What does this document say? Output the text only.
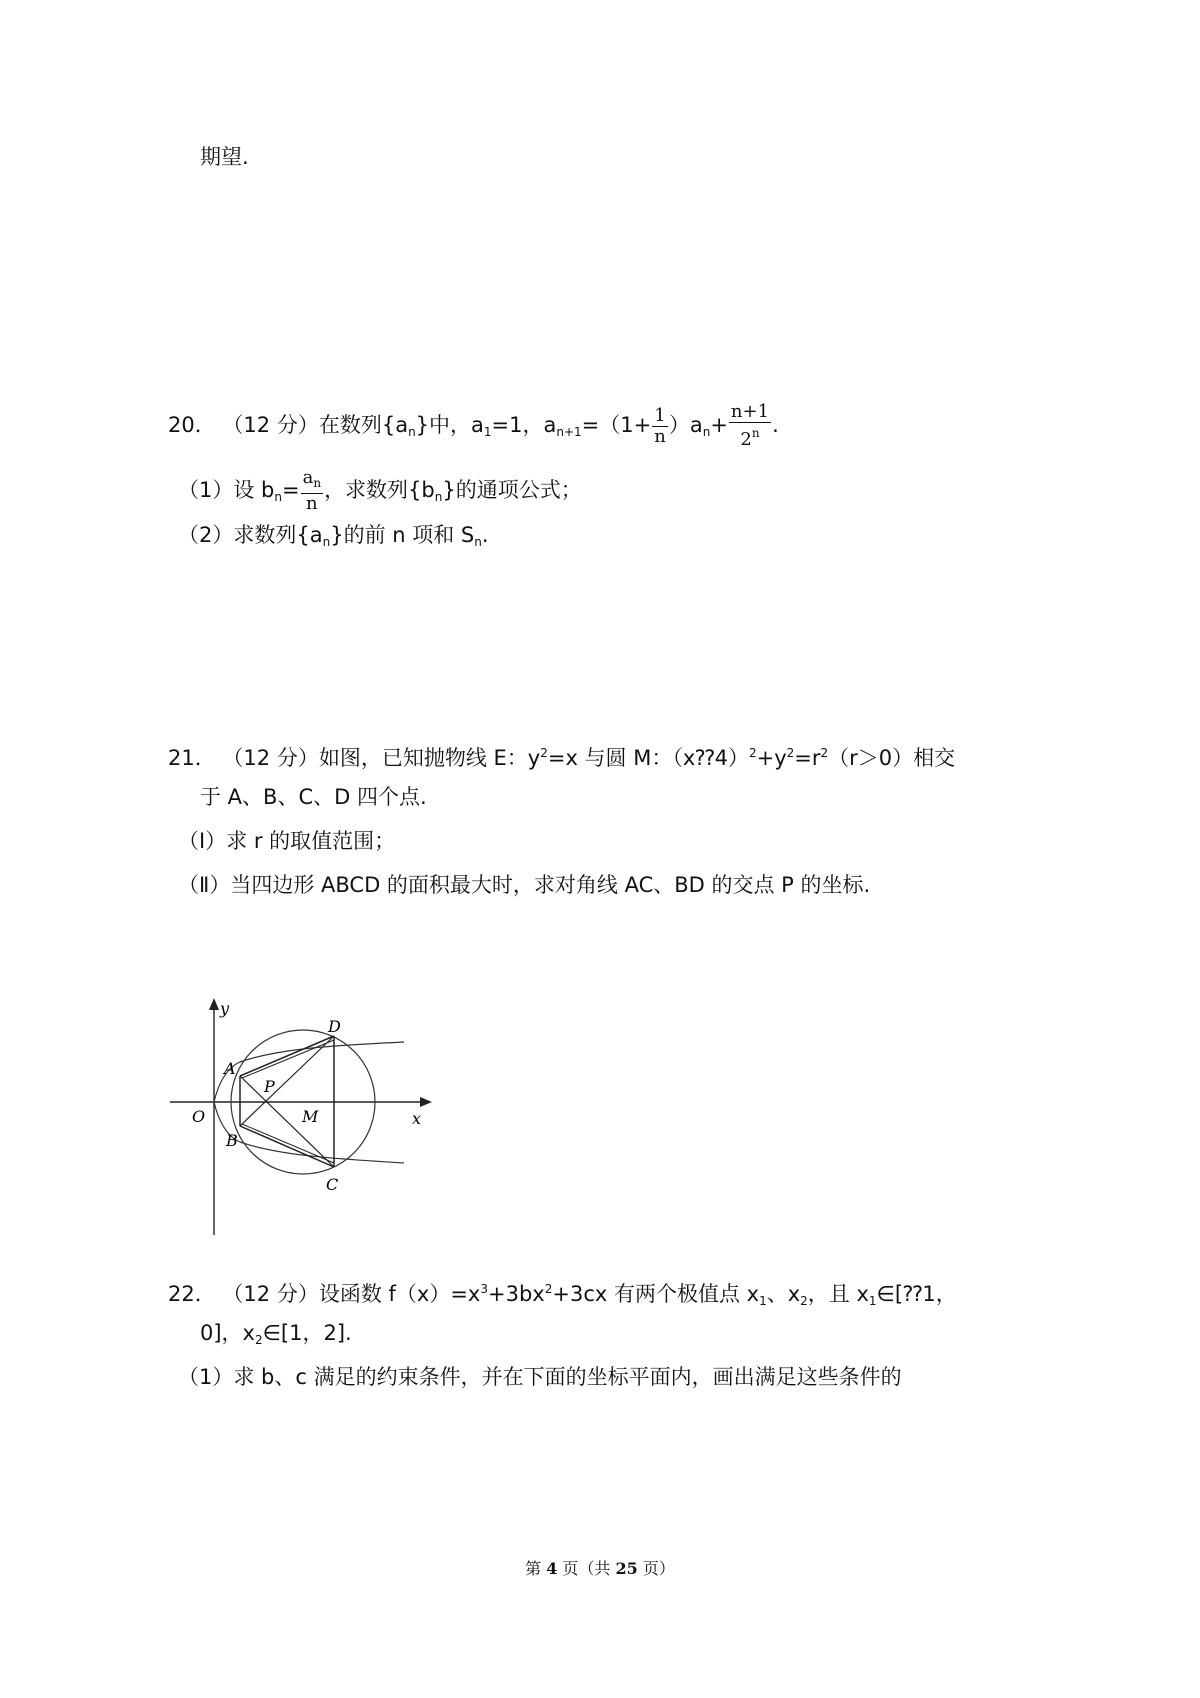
期望.
20． （12 分）在数列$\{a_n\}$中，$a_1=1$，$a_{n+1}=(1+ \frac{1}{n} )a_n+ \frac{n+1}{2^n}$ .
（1）设 $b_n= \frac{a_n}{n}$ ，求数列$\{b_n\}$的通项公式；
（2）求数列$\{a_n\}$的前 n 项和 $S_n$.
21． （12 分）如图，已知抛物线 E：$y^2=x$ 与圆 M：$(x⁇4)^2+y^2=r^2(r>0)$相交
于 A、B、C、D 四个点.
（Ⅰ）求 r 的取值范围；
（Ⅱ）当四边形 ABCD 的面积最大时，求对角线 AC、BD 的交点 P 的坐标.
y
x
O
A
B
C
D
P
M
22． （12 分）设函数 $f(x)=x^3+3bx^2+3cx$ 有两个极值点 $x_1$、$x_2$，且 $x_1\in[⁇1$，
0]，$x_2\in[1$，2].
（1）求 b、c 满足的约束条件，并在下面的坐标平面内，画出满足这些条件的
第 4 页（共 25 页）
